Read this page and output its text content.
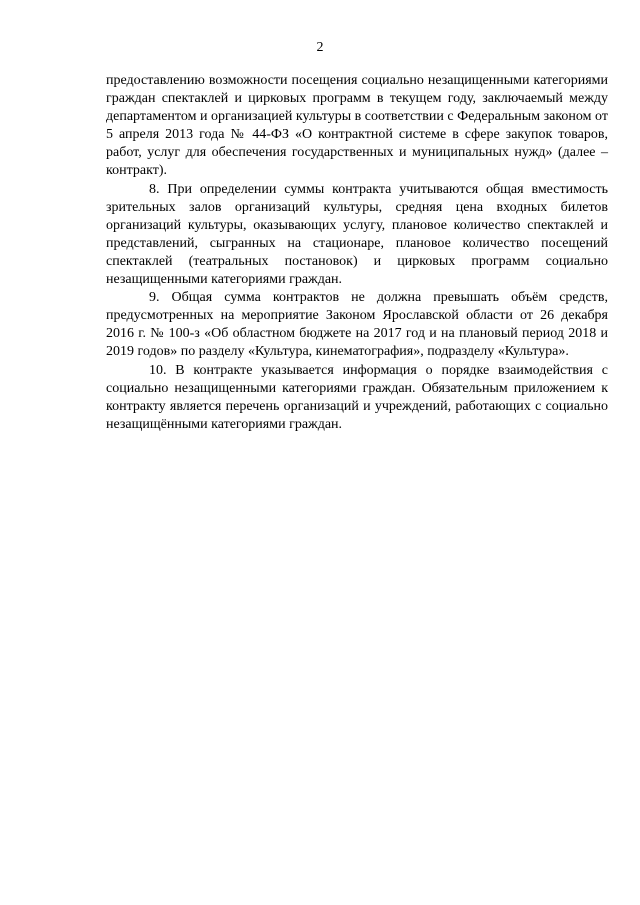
2

предоставлению возможности посещения социально незащищенными категориями граждан спектаклей и цирковых программ в текущем году, заключаемый между департаментом и организацией культуры в соответствии с Федеральным законом от 5 апреля 2013 года № 44-ФЗ «О контрактной системе в сфере закупок товаров, работ, услуг для обеспечения государственных и муниципальных нужд» (далее – контракт).

8. При определении суммы контракта учитываются общая вместимость зрительных залов организаций культуры, средняя цена входных билетов организаций культуры, оказывающих услугу, плановое количество спектаклей и представлений, сыгранных на стационаре, плановое количество посещений спектаклей (театральных постановок) и цирковых программ социально незащищенными категориями граждан.

9. Общая сумма контрактов не должна превышать объём средств, предусмотренных на мероприятие Законом Ярославской области от 26 декабря 2016 г. № 100-з «Об областном бюджете на 2017 год и на плановый период 2018 и 2019 годов» по разделу «Культура, кинематография», подразделу «Культура».

10. В контракте указывается информация о порядке взаимодействия с социально незащищенными категориями граждан. Обязательным приложением к контракту является перечень организаций и учреждений, работающих с социально незащищёнными категориями граждан.
